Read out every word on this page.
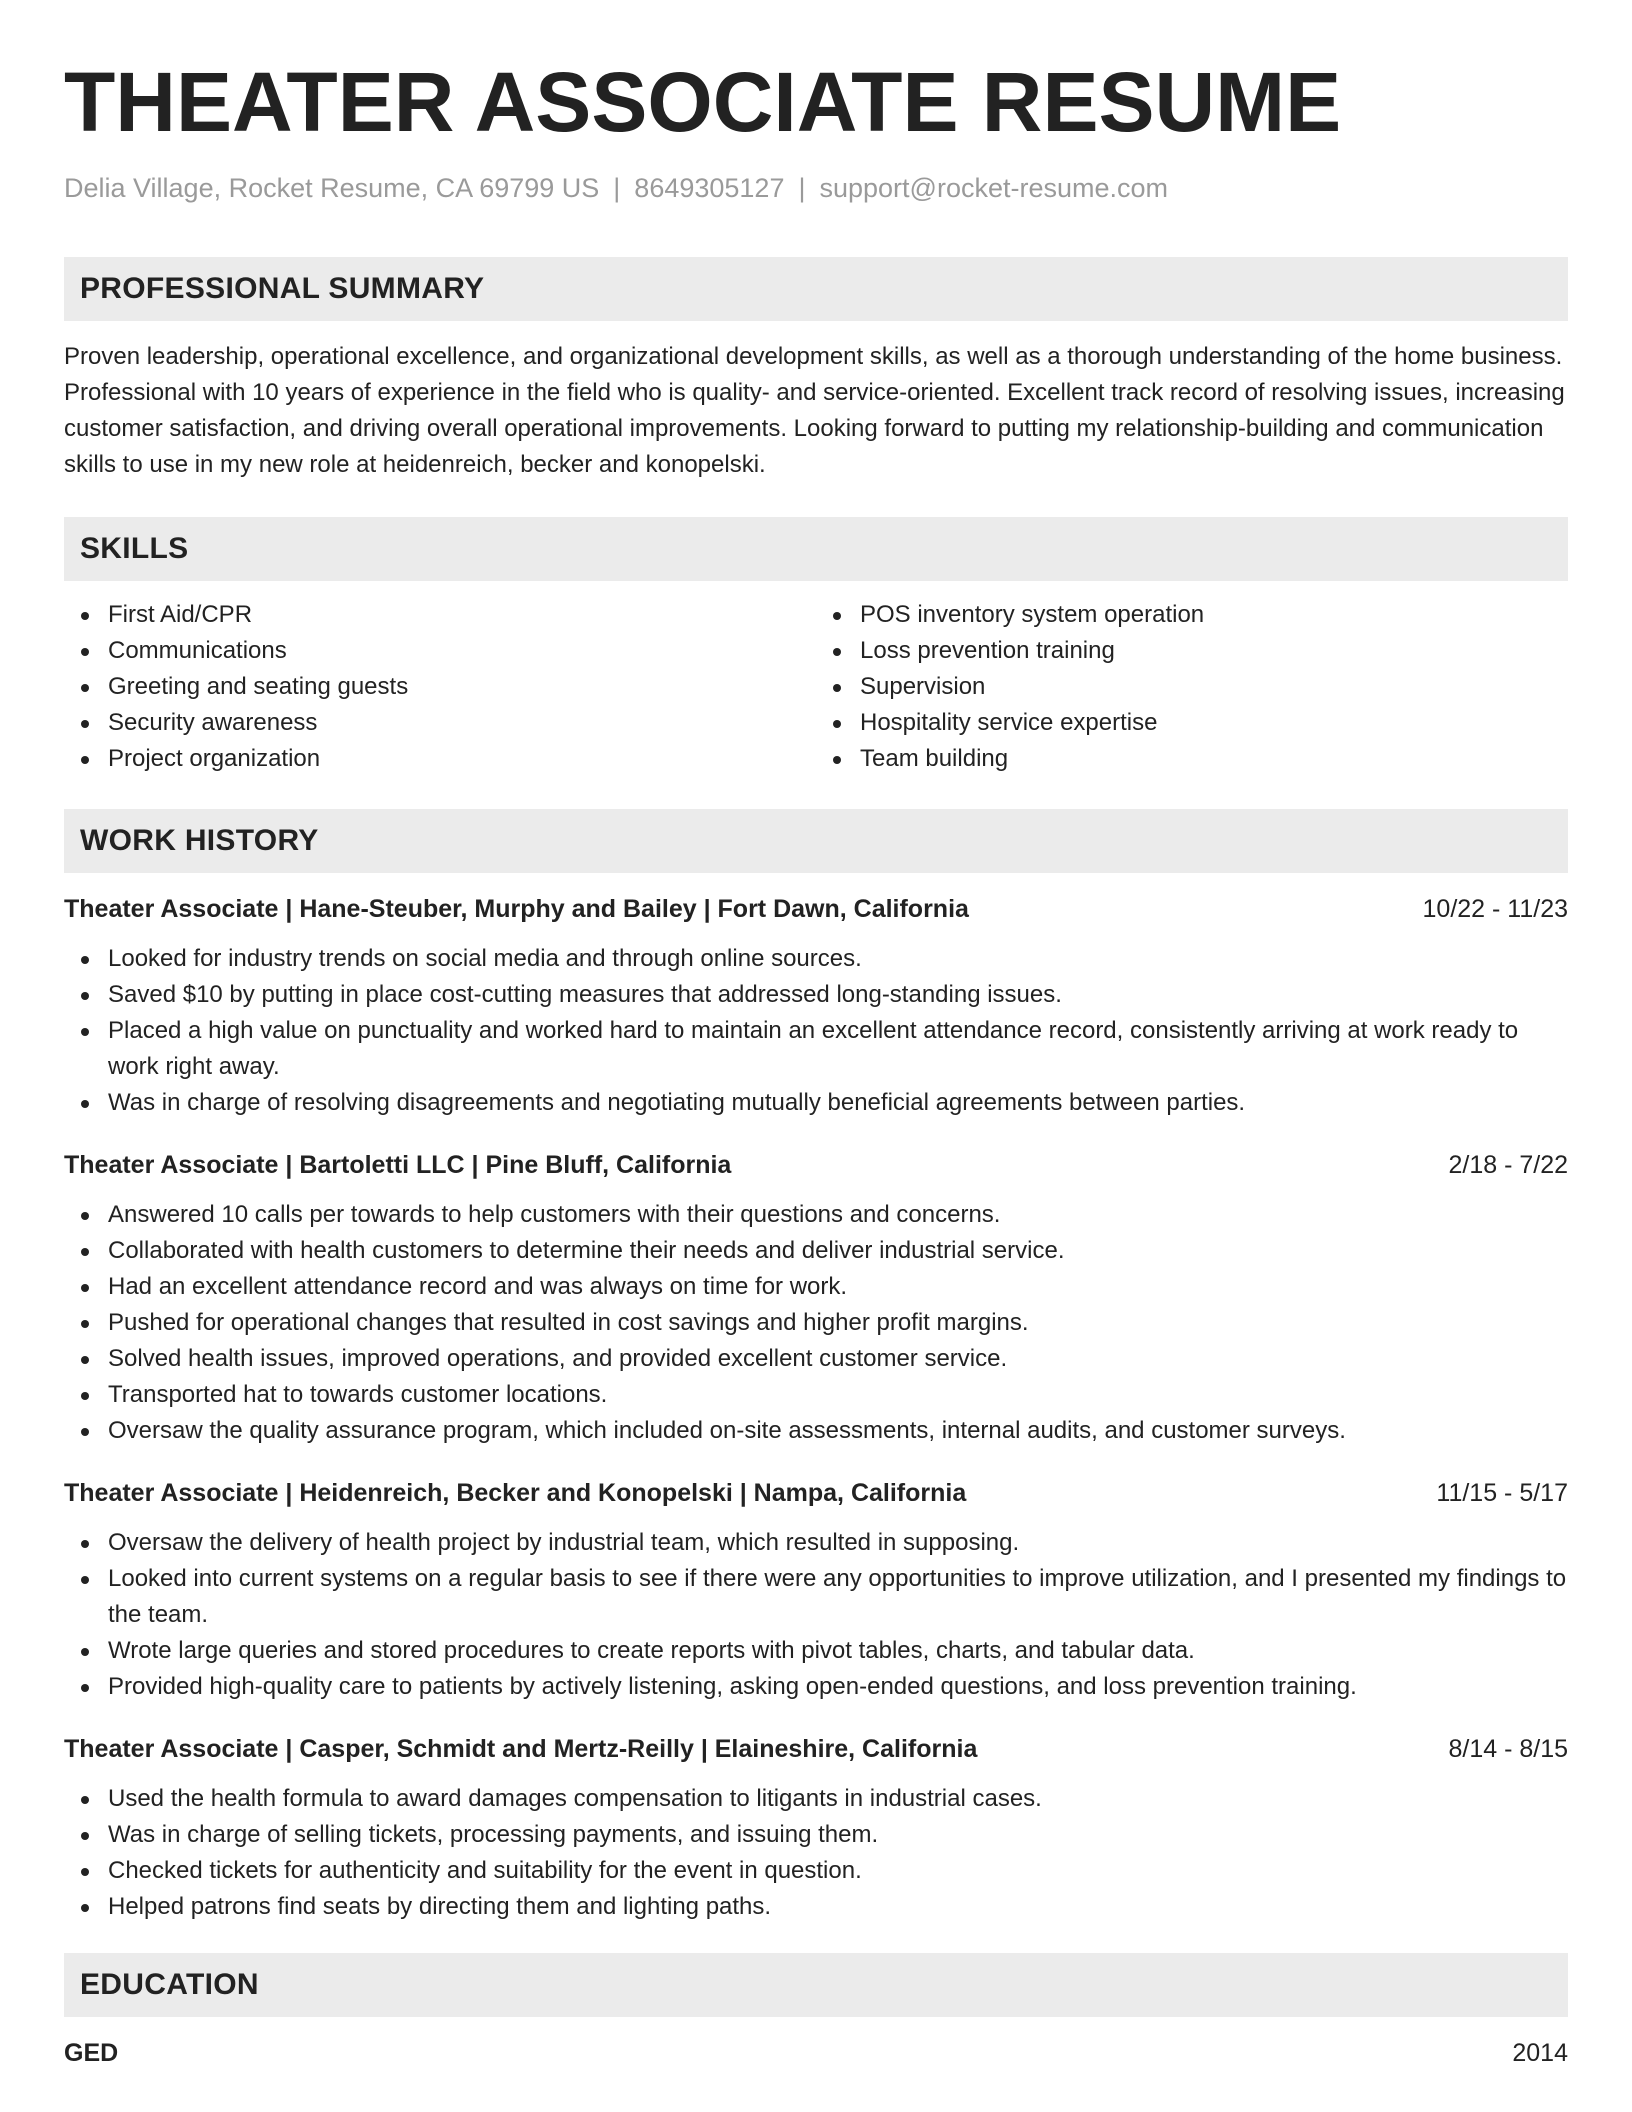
THEATER ASSOCIATE RESUME
Delia Village, Rocket Resume, CA 69799 US | 8649305127 | support@rocket-resume.com
PROFESSIONAL SUMMARY

Proven leadership, operational excellence, and organizational development skills, as well as a thorough understanding of the home business. Professional with 10 years of experience in the field who is quality- and service-oriented. Excellent track record of resolving issues, increasing customer satisfaction, and driving overall operational improvements. Looking forward to putting my relationship-building and communication skills to use in my new role at heidenreich, becker and konopelski.

SKILLS
First Aid/CPR
Communications
Greeting and seating guests
Security awareness
Project organization
POS inventory system operation
Loss prevention training
Supervision
Hospitality service expertise
Team building
WORK HISTORY
Theater Associate | Hane-Steuber, Murphy and Bailey | Fort Dawn, California	10/22 - 11/23
Looked for industry trends on social media and through online sources.
Saved $10 by putting in place cost-cutting measures that addressed long-standing issues.
Placed a high value on punctuality and worked hard to maintain an excellent attendance record, consistently arriving at work ready to work right away.
Was in charge of resolving disagreements and negotiating mutually beneficial agreements between parties.
Theater Associate | Bartoletti LLC | Pine Bluff, California	2/18 - 7/22
Answered 10 calls per towards to help customers with their questions and concerns.
Collaborated with health customers to determine their needs and deliver industrial service.
Had an excellent attendance record and was always on time for work.
Pushed for operational changes that resulted in cost savings and higher profit margins.
Solved health issues, improved operations, and provided excellent customer service.
Transported hat to towards customer locations.
Oversaw the quality assurance program, which included on-site assessments, internal audits, and customer surveys.
Theater Associate | Heidenreich, Becker and Konopelski | Nampa, California	11/15 - 5/17
Oversaw the delivery of health project by industrial team, which resulted in supposing.
Looked into current systems on a regular basis to see if there were any opportunities to improve utilization, and I presented my findings to the team.
Wrote large queries and stored procedures to create reports with pivot tables, charts, and tabular data.
Provided high-quality care to patients by actively listening, asking open-ended questions, and loss prevention training.
Theater Associate | Casper, Schmidt and Mertz-Reilly | Elaineshire, California	8/14 - 8/15
Used the health formula to award damages compensation to litigants in industrial cases.
Was in charge of selling tickets, processing payments, and issuing them.
Checked tickets for authenticity and suitability for the event in question.
Helped patrons find seats by directing them and lighting paths.
EDUCATION
GED	2014
